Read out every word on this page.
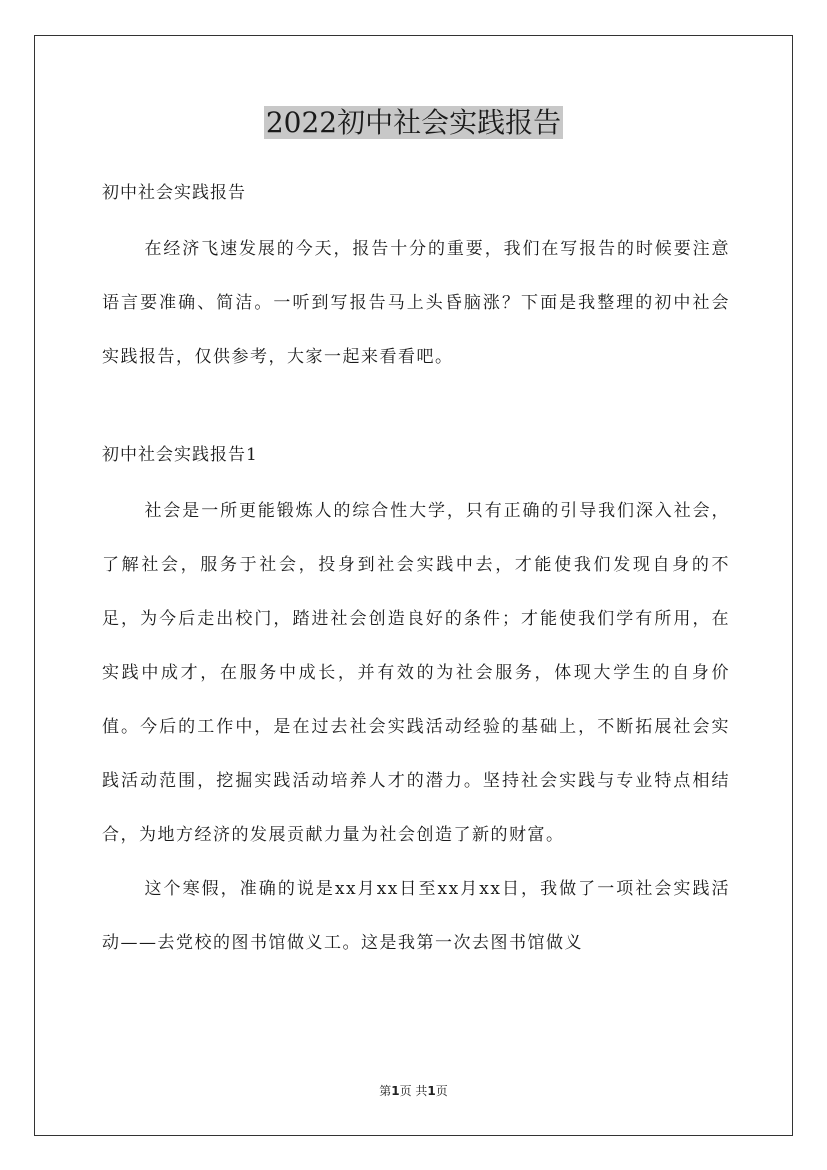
2022初中社会实践报告

初中社会实践报告

在经济飞速发展的今天，报告十分的重要，我们在写报告的时候要注意语言要准确、简洁。一听到写报告马上头昏脑涨？下面是我整理的初中社会实践报告，仅供参考，大家一起来看看吧。

初中社会实践报告1

社会是一所更能锻炼人的综合性大学，只有正确的引导我们深入社会，了解社会，服务于社会，投身到社会实践中去，才能使我们发现自身的不足，为今后走出校门，踏进社会创造良好的条件；才能使我们学有所用，在实践中成才，在服务中成长，并有效的为社会服务，体现大学生的自身价值。今后的工作中，是在过去社会实践活动经验的基础上，不断拓展社会实践活动范围，挖掘实践活动培养人才的潜力。坚持社会实践与专业特点相结合，为地方经济的发展贡献力量为社会创造了新的财富。

这个寒假，准确的说是xx月xx日至xx月xx日，我做了一项社会实践活动——去党校的图书馆做义工。这是我第一次去图书馆做义

第1页 共1页
